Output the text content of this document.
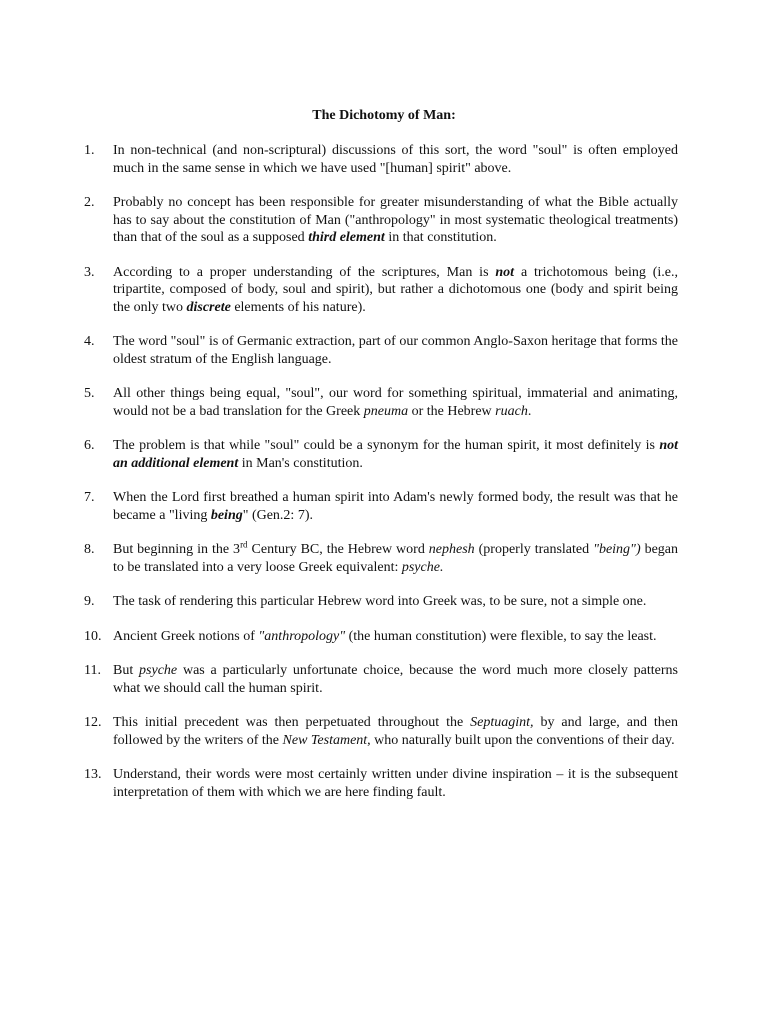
The Dichotomy of Man:
1.	In non-technical (and non-scriptural) discussions of this sort, the word "soul" is often employed much in the same sense in which we have used "[human] spirit" above.
2.	Probably no concept has been responsible for greater misunderstanding of what the Bible actually has to say about the constitution of Man ("anthropology" in most systematic theological treatments) than that of the soul as a supposed third element in that constitution.
3.	According to a proper understanding of the scriptures, Man is not a trichotomous being (i.e., tripartite, composed of body, soul and spirit), but rather a dichotomous one (body and spirit being the only two discrete elements of his nature).
4.	The word "soul" is of Germanic extraction, part of our common Anglo-Saxon heritage that forms the oldest stratum of the English language.
5.	All other things being equal, "soul", our word for something spiritual, immaterial and animating, would not be a bad translation for the Greek pneuma or the Hebrew ruach.
6.	The problem is that while "soul" could be a synonym for the human spirit, it most definitely is not an additional element in Man's constitution.
7.	When the Lord first breathed a human spirit into Adam's newly formed body, the result was that he became a "living being" (Gen.2: 7).
8.	But beginning in the 3rd Century BC, the Hebrew word nephesh (properly translated "being") began to be translated into a very loose Greek equivalent: psyche.
9.	The task of rendering this particular Hebrew word into Greek was, to be sure, not a simple one.
10. Ancient Greek notions of "anthropology" (the human constitution) were flexible, to say the least.
11. But psyche was a particularly unfortunate choice, because the word much more closely patterns what we should call the human spirit.
12. This initial precedent was then perpetuated throughout the Septuagint, by and large, and then followed by the writers of the New Testament, who naturally built upon the conventions of their day.
13. Understand, their words were most certainly written under divine inspiration – it is the subsequent interpretation of them with which we are here finding fault.
